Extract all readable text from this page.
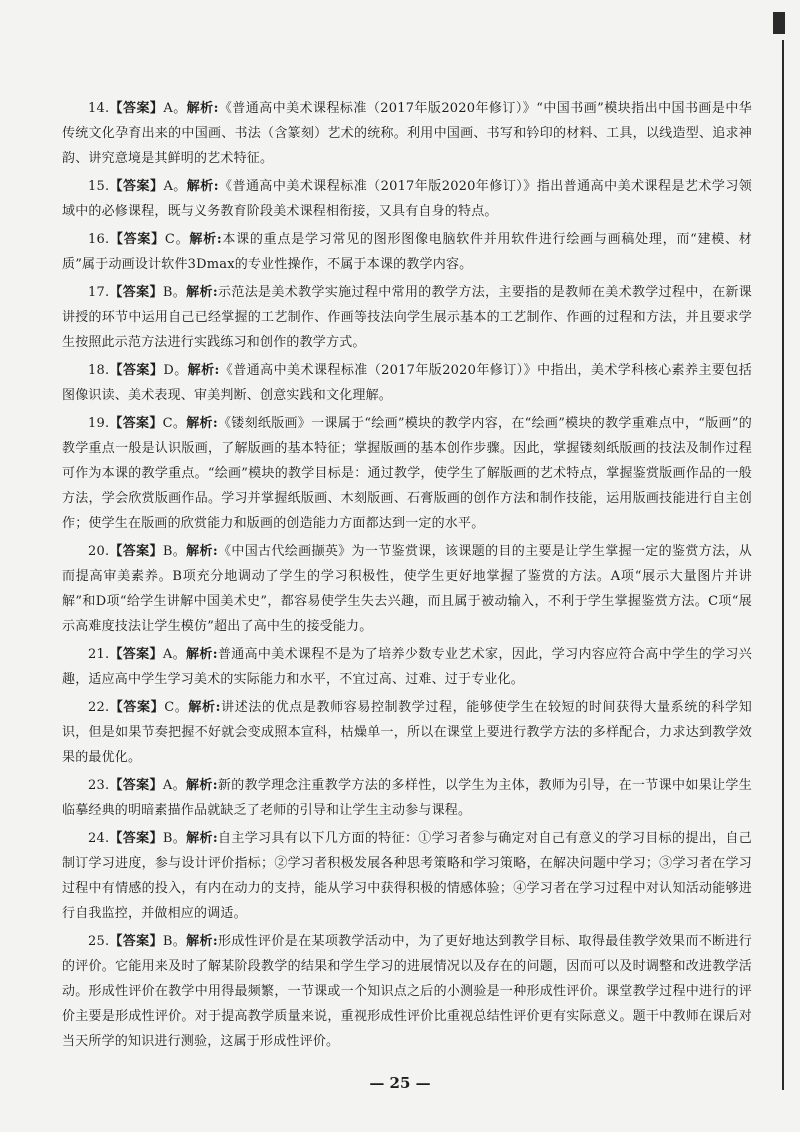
14.【答案】A。解析:《普通高中美术课程标准（2017年版2020年修订）》“中国书画”模块指出中国书画是中华传统文化孕育出来的中国画、书法（含篆刻）艺术的统称。利用中国画、书写和钤印的材料、工具，以线造型、追求神韵、讲究意境是其鲜明的艺术特征。

15.【答案】A。解析:《普通高中美术课程标准（2017年版2020年修订）》指出普通高中美术课程是艺术学习领域中的必修课程，既与义务教育阶段美术课程相衔接，又具有自身的特点。

16.【答案】C。解析:本课的重点是学习常见的图形图像电脑软件并用软件进行绘画与画稿处理，而“建模、材质”属于动画设计软件3Dmax的专业性操作，不属于本课的教学内容。

17.【答案】B。解析:示范法是美术教学实施过程中常用的教学方法，主要指的是教师在美术教学过程中，在新课讲授的环节中运用自己已经掌握的工艺制作、作画等技法向学生展示基本的工艺制作、作画的过程和方法，并且要求学生按照此示范方法进行实践练习和创作的教学方式。

18.【答案】D。解析:《普通高中美术课程标准（2017年版2020年修订）》中指出，美术学科核心素养主要包括图像识读、美术表现、审美判断、创意实践和文化理解。

19.【答案】C。解析:《镂刻纸版画》一课属于“绘画”模块的教学内容，在“绘画”模块的教学重难点中，“版画”的教学重点一般是认识版画，了解版画的基本特征；掌握版画的基本创作步骤。因此，掌握镂刻纸版画的技法及制作过程可作为本课的教学重点。“绘画”模块的教学目标是：通过教学，使学生了解版画的艺术特点，掌握鉴赏版画作品的一般方法，学会欣赏版画作品。学习并掌握纸版画、木刻版画、石膏版画的创作方法和制作技能，运用版画技能进行自主创作；使学生在版画的欣赏能力和版画的创造能力方面都达到一定的水平。

20.【答案】B。解析:《中国古代绘画撷英》为一节鉴赏课，该课题的目的主要是让学生掌握一定的鉴赏方法，从而提高审美素养。B项充分地调动了学生的学习积极性，使学生更好地掌握了鉴赏的方法。A项“展示大量图片并讲解”和D项“给学生讲解中国美术史”，都容易使学生失去兴趣，而且属于被动输入，不利于学生掌握鉴赏方法。C项“展示高难度技法让学生模仿”超出了高中生的接受能力。

21.【答案】A。解析:普通高中美术课程不是为了培养少数专业艺术家，因此，学习内容应符合高中学生的学习兴趣，适应高中学生学习美术的实际能力和水平，不宜过高、过难、过于专业化。

22.【答案】C。解析:讲述法的优点是教师容易控制教学过程，能够使学生在较短的时间获得大量系统的科学知识，但是如果节奏把握不好就会变成照本宣科，枯燥单一，所以在课堂上要进行教学方法的多样配合，力求达到教学效果的最优化。

23.【答案】A。解析:新的教学理念注重教学方法的多样性，以学生为主体，教师为引导，在一节课中如果让学生临摹经典的明暗素描作品就缺乏了老师的引导和让学生主动参与课程。

24.【答案】B。解析:自主学习具有以下几方面的特征：①学习者参与确定对自己有意义的学习目标的提出，自己制订学习进度，参与设计评价指标；②学习者积极发展各种思考策略和学习策略，在解决问题中学习；③学习者在学习过程中有情感的投入，有内在动力的支持，能从学习中获得积极的情感体验；④学习者在学习过程中对认知活动能够进行自我监控，并做相应的调适。

25.【答案】B。解析:形成性评价是在某项教学活动中，为了更好地达到教学目标、取得最佳教学效果而不断进行的评价。它能用来及时了解某阶段教学的结果和学生学习的进展情况以及存在的问题，因而可以及时调整和改进教学活动。形成性评价在教学中用得最频繁，一节课或一个知识点之后的小测验是一种形成性评价。课堂教学过程中进行的评价主要是形成性评价。对于提高教学质量来说，重视形成性评价比重视总结性评价更有实际意义。题干中教师在课后对当天所学的知识进行测验，这属于形成性评价。

— 25 —
